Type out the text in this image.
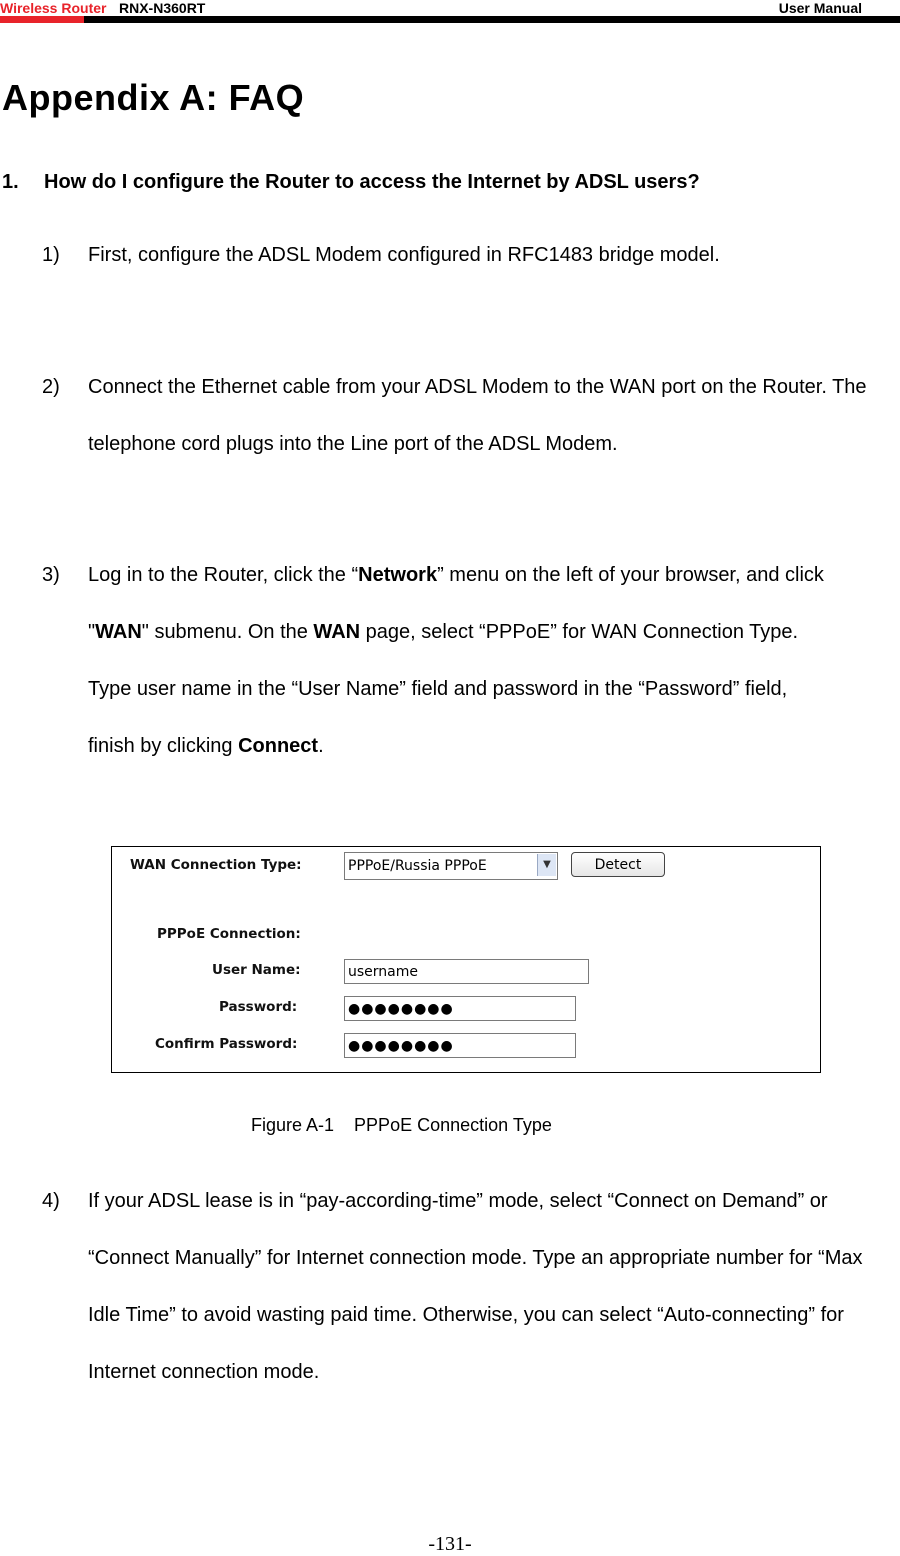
Wireless Router RNX-N360RT	User Manual
Appendix A: FAQ
1. How do I configure the Router to access the Internet by ADSL users?
1) First, configure the ADSL Modem configured in RFC1483 bridge model.
2) Connect the Ethernet cable from your ADSL Modem to the WAN port on the Router. The telephone cord plugs into the Line port of the ADSL Modem.
3) Log in to the Router, click the “Network” menu on the left of your browser, and click "WAN" submenu. On the WAN page, select “PPPoE” for WAN Connection Type. Type user name in the “User Name” field and password in the “Password” field, finish by clicking Connect.
WAN Connection Type:	PPPoE/Russia PPPoE	▼	Detect
PPPoE Connection:
User Name:	username
Password:	●●●●●●●●
Confirm Password:	●●●●●●●●
Figure A-1 PPPoE Connection Type
4) If your ADSL lease is in “pay-according-time” mode, select “Connect on Demand” or “Connect Manually” for Internet connection mode. Type an appropriate number for “Max Idle Time” to avoid wasting paid time. Otherwise, you can select “Auto-connecting” for Internet connection mode.
-131-
